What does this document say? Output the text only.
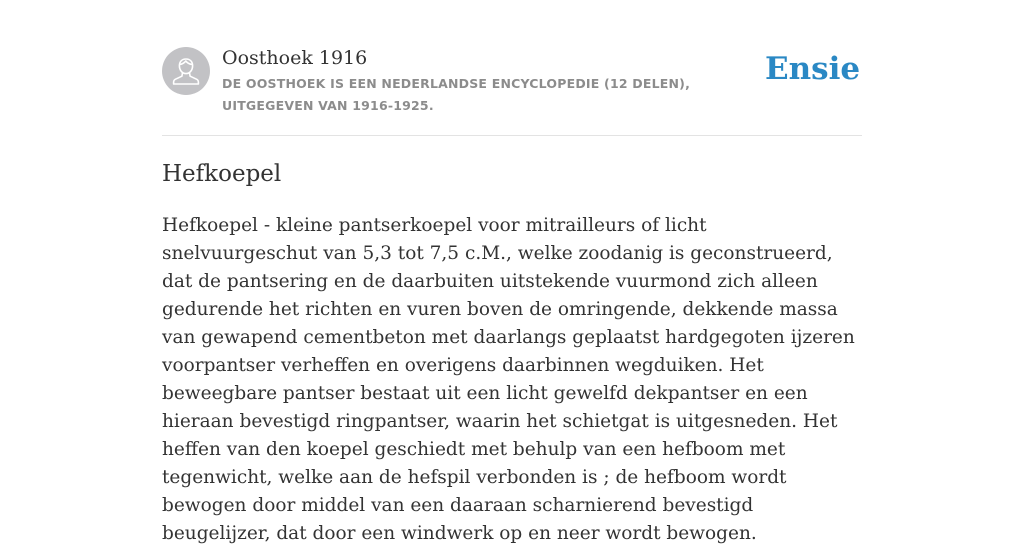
Oosthoek 1916
DE OOSTHOEK IS EEN NEDERLANDSE ENCYCLOPEDIE (12 DELEN), UITGEGEVEN VAN 1916-1925.
Ensie
Hefkoepel

Hefkoepel - kleine pantserkoepel voor mitrailleurs of licht snelvuurgeschut van 5,3 tot 7,5 c.M., welke zoodanig is geconstrueerd, dat de pantsering en de daarbuiten uitstekende vuurmond zich alleen gedurende het richten en vuren boven de omringende, dekkende massa van gewapend cementbeton met daarlangs geplaatst hardgegoten ijzeren voorpantser verheffen en overigens daarbinnen wegduiken. Het beweegbare pantser bestaat uit een licht gewelfd dekpantser en een hieraan bevestigd ringpantser, waarin het schietgat is uitgesneden. Het heffen van den koepel geschiedt met behulp van een hefboom met tegenwicht, welke aan de hefspil verbonden is ; de hefboom wordt bewogen door middel van een daaraan scharnierend bevestigd beugelijzer, dat door een windwerk op en neer wordt bewogen.
